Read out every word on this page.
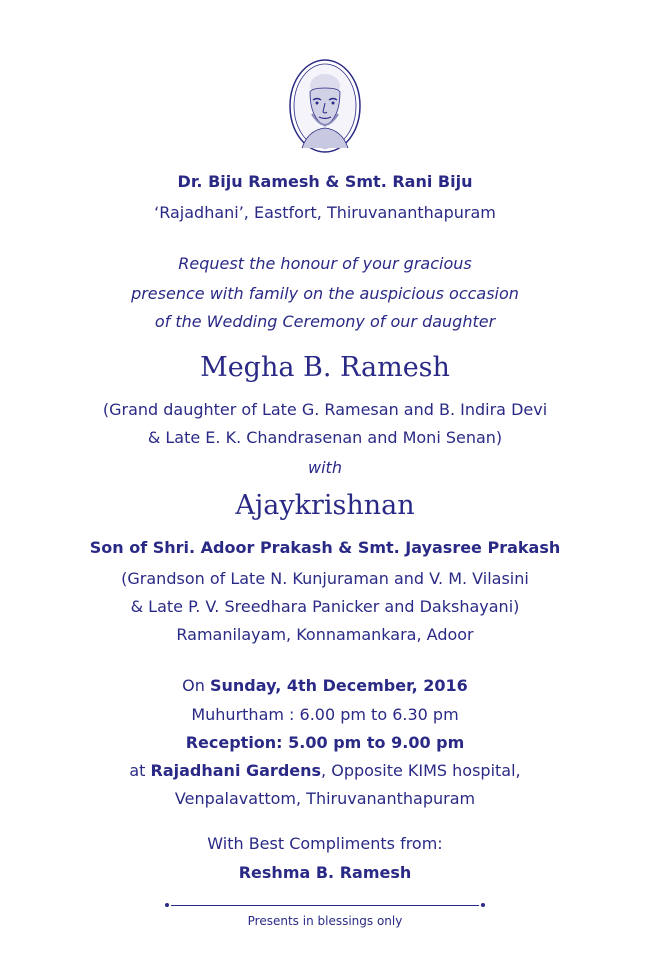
Dr. Biju Ramesh & Smt. Rani Biju
‘Rajadhani’, Eastfort, Thiruvananthapuram
Request the honour of your gracious
presence with family on the auspicious occasion
of the Wedding Ceremony of our daughter
Megha B. Ramesh
(Grand daughter of Late G. Ramesan and B. Indira Devi
& Late E. K. Chandrasenan and Moni Senan)
with
Ajaykrishnan
Son of Shri. Adoor Prakash & Smt. Jayasree Prakash
(Grandson of Late N. Kunjuraman and V. M. Vilasini
& Late P. V. Sreedhara Panicker and Dakshayani)
Ramanilayam, Konnamankara, Adoor
On Sunday, 4th December, 2016
Muhurtham : 6.00 pm to 6.30 pm
Reception: 5.00 pm to 9.00 pm
at Rajadhani Gardens, Opposite KIMS hospital,
Venpalavattom, Thiruvananthapuram
With Best Compliments from:
Reshma B. Ramesh
Presents in blessings only
